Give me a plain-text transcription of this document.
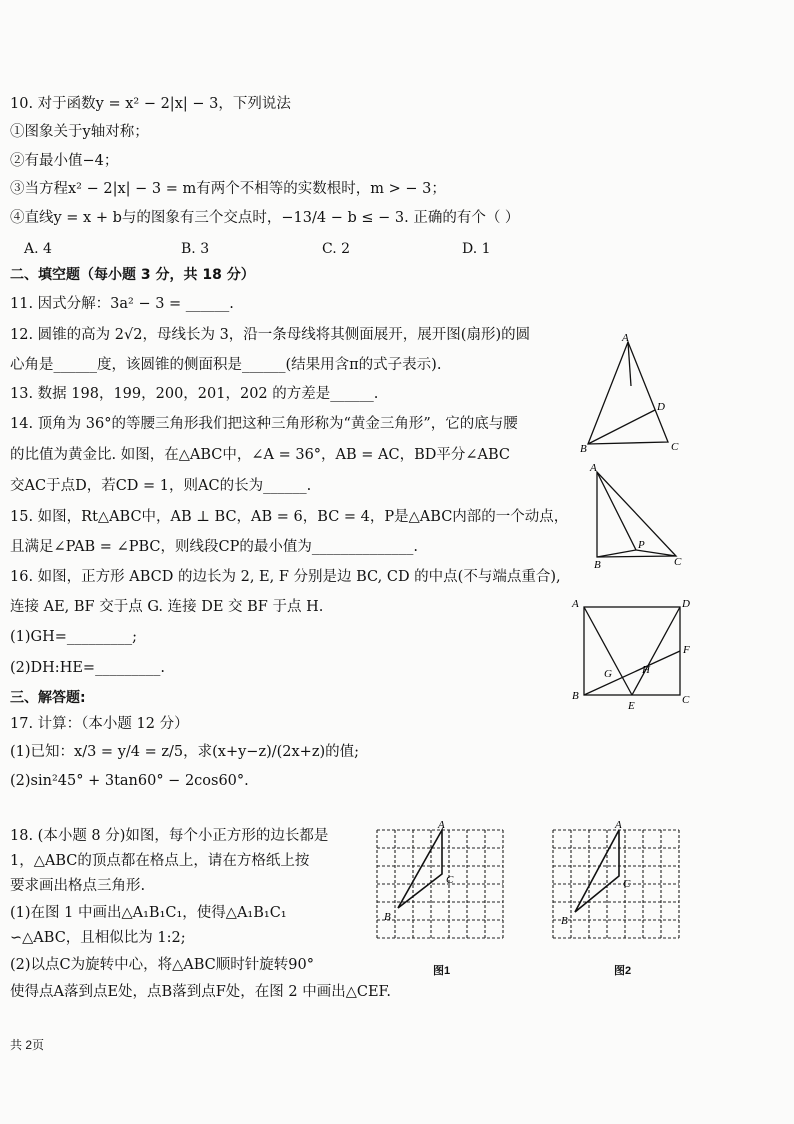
10. 对于函数y = x² − 2|x| − 3，下列说法
①图象关于y轴对称；
②有最小值−4；
③当方程x² − 2|x| − 3 = m有两个不相等的实数根时，m > − 3；
④直线y = x + b与的图象有三个交点时，−13/4 − b ≤ − 3. 正确的有个（ ）
二、填空题（每小题 3 分，共 18 分）
11. 因式分解：3a² − 3 = ______.
12. 圆锥的高为 2√2，母线长为 3，沿一条母线将其侧面展开，展开图(扇形)的圆
心角是______度，该圆锥的侧面积是______(结果用含π的式子表示).
13. 数据 198，199，200，201，202 的方差是______.
14. 顶角为 36°的等腰三角形我们把这种三角形称为“黄金三角形”，它的底与腰
的比值为黄金比. 如图，在△ABC中，∠A = 36°，AB = AC，BD平分∠ABC
交AC于点D，若CD = 1，则AC的长为______.
15. 如图，Rt△ABC中，AB ⊥ BC，AB = 6，BC = 4，P是△ABC内部的一个动点，
且满足∠PAB = ∠PBC，则线段CP的最小值为______________.
16. 如图，正方形 ABCD 的边长为 2, E, F 分别是边 BC, CD 的中点(不与端点重合),
连接 AE, BF 交于点 G. 连接 DE 交 BF 于点 H.
(1)GH=_________;
(2)DH:HE=_________.
三、解答题:
17. 计算：（本小题 12 分）
(1)已知：x/3 = y/4 = z/5，求(x+y−z)/(2x+z)的值;
(2)sin²45° + 3tan60° − 2cos60°.
18. (本小题 8 分)如图，每个小正方形的边长都是
1，△ABC的顶点都在格点上，请在方格纸上按
要求画出格点三角形.
(1)在图 1 中画出△A₁B₁C₁，使得△A₁B₁C₁
∽△ABC，且相似比为 1:2;
(2)以点C为旋转中心，将△ABC顺时针旋转90°
使得点A落到点E处，点B落到点F处，在图 2 中画出△CEF.
A. 4	B. 3	C. 2	D. 1
A
B	C
D
A
B	C
P
A	D
B	C
E
F
G	H
A
B
C
图1
A
B
C
图2
共 2页
